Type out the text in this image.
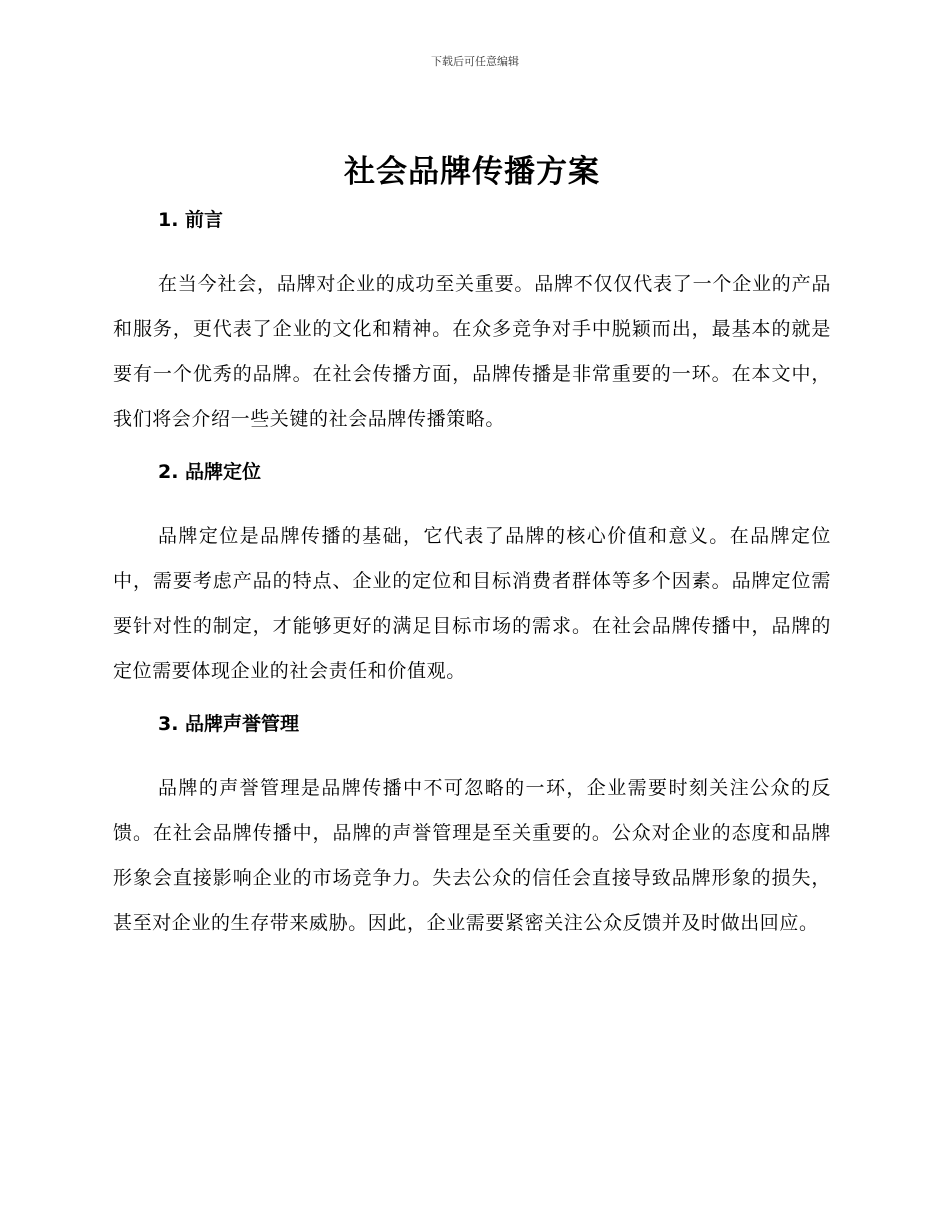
下载后可任意编辑
社会品牌传播方案
1. 前言

在当今社会，品牌对企业的成功至关重要。品牌不仅仅代表了一个企业的产品和服务，更代表了企业的文化和精神。在众多竞争对手中脱颖而出，最基本的就是要有一个优秀的品牌。在社会传播方面，品牌传播是非常重要的一环。在本文中，我们将会介绍一些关键的社会品牌传播策略。

2. 品牌定位

品牌定位是品牌传播的基础，它代表了品牌的核心价值和意义。在品牌定位中，需要考虑产品的特点、企业的定位和目标消费者群体等多个因素。品牌定位需要针对性的制定，才能够更好的满足目标市场的需求。在社会品牌传播中，品牌的定位需要体现企业的社会责任和价值观。

3. 品牌声誉管理

品牌的声誉管理是品牌传播中不可忽略的一环，企业需要时刻关注公众的反馈。在社会品牌传播中，品牌的声誉管理是至关重要的。公众对企业的态度和品牌形象会直接影响企业的市场竞争力。失去公众的信任会直接导致品牌形象的损失，甚至对企业的生存带来威胁。因此，企业需要紧密关注公众反馈并及时做出回应。
